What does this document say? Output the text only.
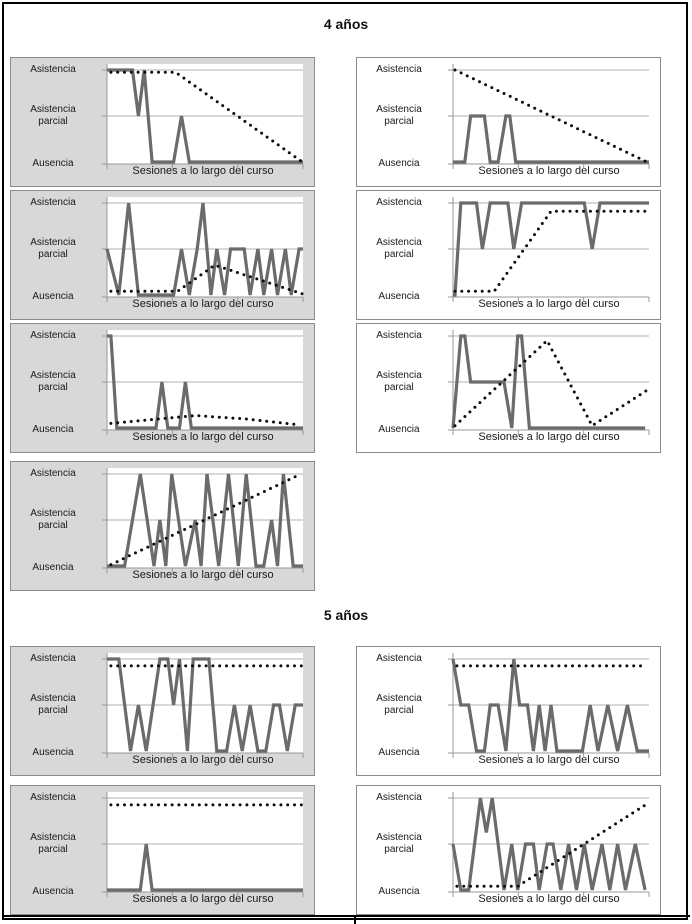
4 años
5 años
Asistencia
Asistencia parcial
Ausencia
Sesiones a lo largo del curso
Asistencia
Asistencia parcial
Ausencia
Sesiones a lo largo del curso
Asistencia
Asistencia parcial
Ausencia
Sesiones a lo largo del curso
Asistencia
Asistencia parcial
Ausencia
Sesiones a lo largo del curso
Asistencia
Asistencia parcial
Ausencia
Sesiones a lo largo del curso
Asistencia
Asistencia parcial
Ausencia
Sesiones a lo largo del curso
Asistencia
Asistencia parcial
Ausencia
Sesiones a lo largo del curso
Asistencia
Asistencia parcial
Ausencia
Sesiones a lo largo del curso
Asistencia
Asistencia parcial
Ausencia
Sesiones a lo largo del curso
Asistencia
Asistencia parcial
Ausencia
Sesiones a lo largo del curso
Asistencia
Asistencia parcial
Ausencia
Sesiones a lo largo del curso
